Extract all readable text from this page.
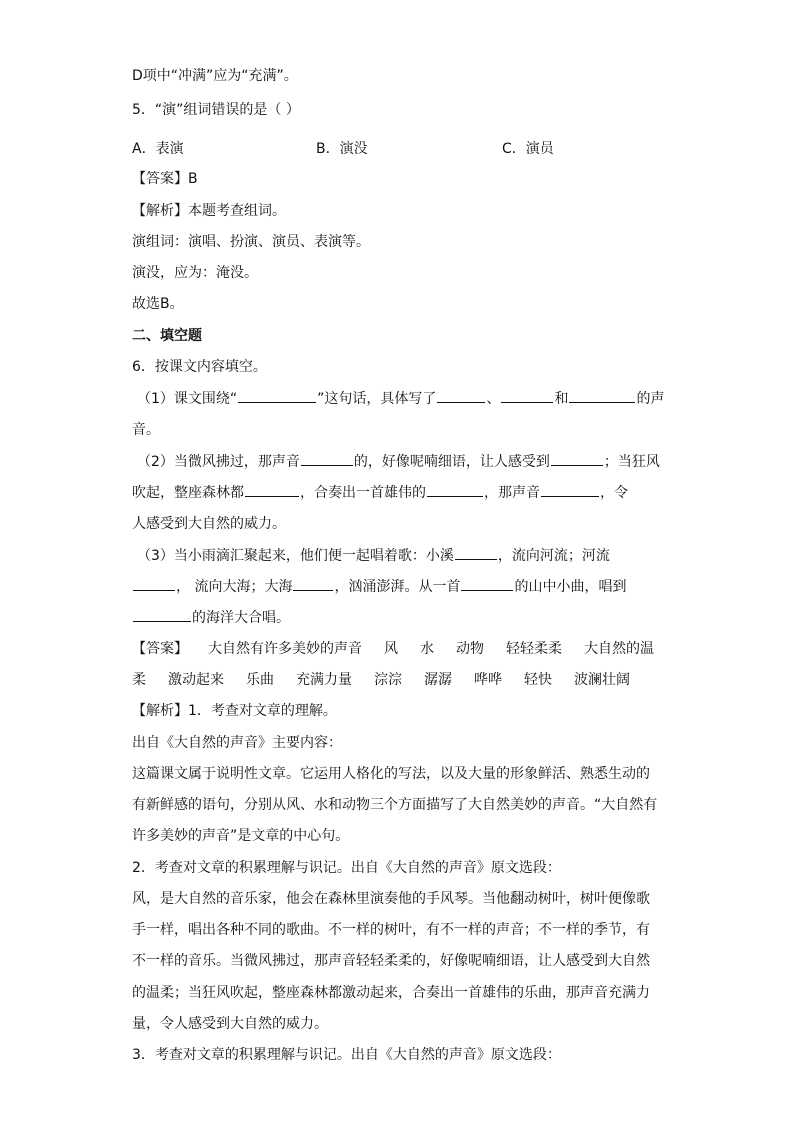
D项中“冲满”应为“充满”。
5．“演”组词错误的是（ ）
A．表演	B．演没	C．演员
【答案】B
【解析】本题考查组词。
演组词：演唱、扮演、演员、表演等。
演没，应为：淹没。
故选B。
二、填空题
6．按课文内容填空。
（1）课文围绕“	”这句话，具体写了	、	和	的声
音。
（2）当微风拂过，那声音	的，好像呢喃细语，让人感受到	；当狂风
吹起，整座森林都	，合奏出一首雄伟的	，那声音	，令
人感受到大自然的威力。
（3）当小雨滴汇聚起来，他们便一起唱着歌：小溪	，流向河流；河流
， 流向大海；大海	，汹涌澎湃。从一首	的山中小曲，唱到
的海洋大合唱。
【答案】 大自然有许多美妙的声音 风 水 动物 轻轻柔柔 大自然的温
柔 激动起来 乐曲 充满力量 淙淙 潺潺 哗哗 轻快 波澜壮阔
【解析】1．考查对文章的理解。
出自《大自然的声音》主要内容：
这篇课文属于说明性文章。它运用人格化的写法，以及大量的形象鲜活、熟悉生动的
有新鲜感的语句，分别从风、水和动物三个方面描写了大自然美妙的声音。“大自然有
许多美妙的声音”是文章的中心句。
2．考查对文章的积累理解与识记。出自《大自然的声音》原文选段：
风，是大自然的音乐家，他会在森林里演奏他的手风琴。当他翻动树叶，树叶便像歌
手一样，唱出各种不同的歌曲。不一样的树叶，有不一样的声音；不一样的季节，有
不一样的音乐。当微风拂过，那声音轻轻柔柔的，好像呢喃细语，让人感受到大自然
的温柔；当狂风吹起，整座森林都激动起来，合奏出一首雄伟的乐曲，那声音充满力
量，令人感受到大自然的威力。
3．考查对文章的积累理解与识记。出自《大自然的声音》原文选段：
